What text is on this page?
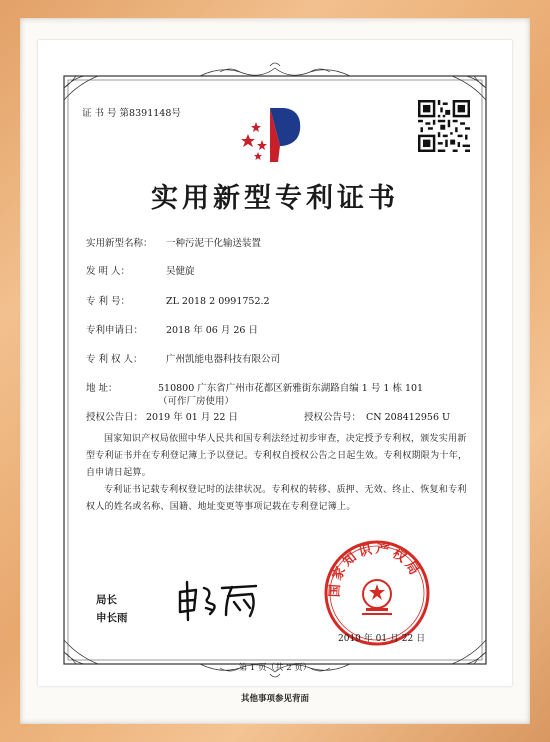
证 书 号 第8391148号
实用新型专利证书
实用新型名称： 一种污泥干化输送装置
发 明 人：	吴健旋
专 利 号：	ZL 2018 2 0991752.2
专利申请日： 2018 年 06 月 26 日
专 利 权 人： 广州凯能电器科技有限公司
地 址：	510800 广东省广州市花都区新雅街东湖路自编 1 号 1 栋 101
（可作厂房使用）
授权公告日： 2019 年 01 月 22 日	授权公告号： CN 208412956 U
国家知识产权局依照中华人民共和国专利法经过初步审查，决定授予专利权，颁发实用新型专利证书并在专利登记簿上予以登记。专利权自授权公告之日起生效。专利权期限为十年，自申请日起算。
专利证书记载专利权登记时的法律状况。专利权的转移、质押、无效、终止、恢复和专利权人的姓名或名称、国籍、地址变更等事项记载在专利登记簿上。
局长
申长雨
国家知识产权局
2019 年 01 月 22 日
第 1 页（共 2 页）
其他事项参见背面
